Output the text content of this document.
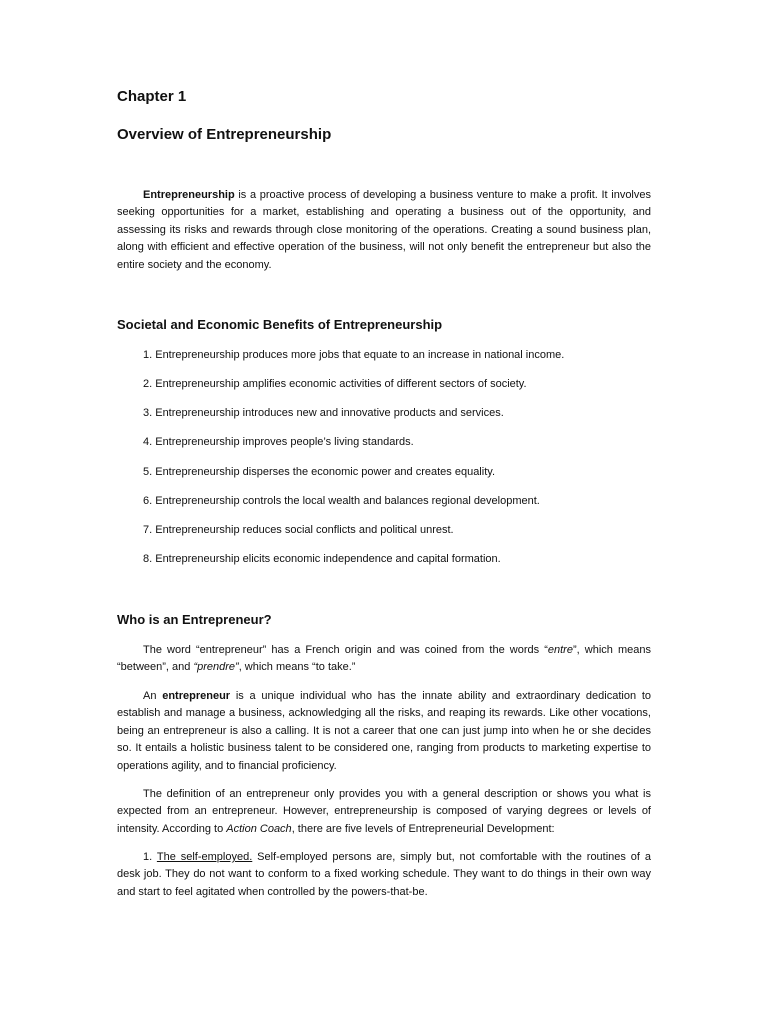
Chapter 1
Overview of Entrepreneurship

Entrepreneurship is a proactive process of developing a business venture to make a profit. It involves seeking opportunities for a market, establishing and operating a business out of the opportunity, and assessing its risks and rewards through close monitoring of the operations. Creating a sound business plan, along with efficient and effective operation of the business, will not only benefit the entrepreneur but also the entire society and the economy.

Societal and Economic Benefits of Entrepreneurship

1. Entrepreneurship produces more jobs that equate to an increase in national income.

2. Entrepreneurship amplifies economic activities of different sectors of society.

3. Entrepreneurship introduces new and innovative products and services.

4. Entrepreneurship improves people’s living standards.

5. Entrepreneurship disperses the economic power and creates equality.

6. Entrepreneurship controls the local wealth and balances regional development.

7. Entrepreneurship reduces social conflicts and political unrest.

8. Entrepreneurship elicits economic independence and capital formation.

Who is an Entrepreneur?

The word “entrepreneur” has a French origin and was coined from the words “entre”, which means “between”, and “prendre”, which means “to take.”

An entrepreneur is a unique individual who has the innate ability and extraordinary dedication to establish and manage a business, acknowledging all the risks, and reaping its rewards. Like other vocations, being an entrepreneur is also a calling. It is not a career that one can just jump into when he or she decides so. It entails a holistic business talent to be considered one, ranging from products to marketing expertise to operations agility, and to financial proficiency.

The definition of an entrepreneur only provides you with a general description or shows you what is expected from an entrepreneur. However, entrepreneurship is composed of varying degrees or levels of intensity. According to Action Coach, there are five levels of Entrepreneurial Development:

1. The self-employed. Self-employed persons are, simply but, not comfortable with the routines of a desk job. They do not want to conform to a fixed working schedule. They want to do things in their own way and start to feel agitated when controlled by the powers-that-be.
